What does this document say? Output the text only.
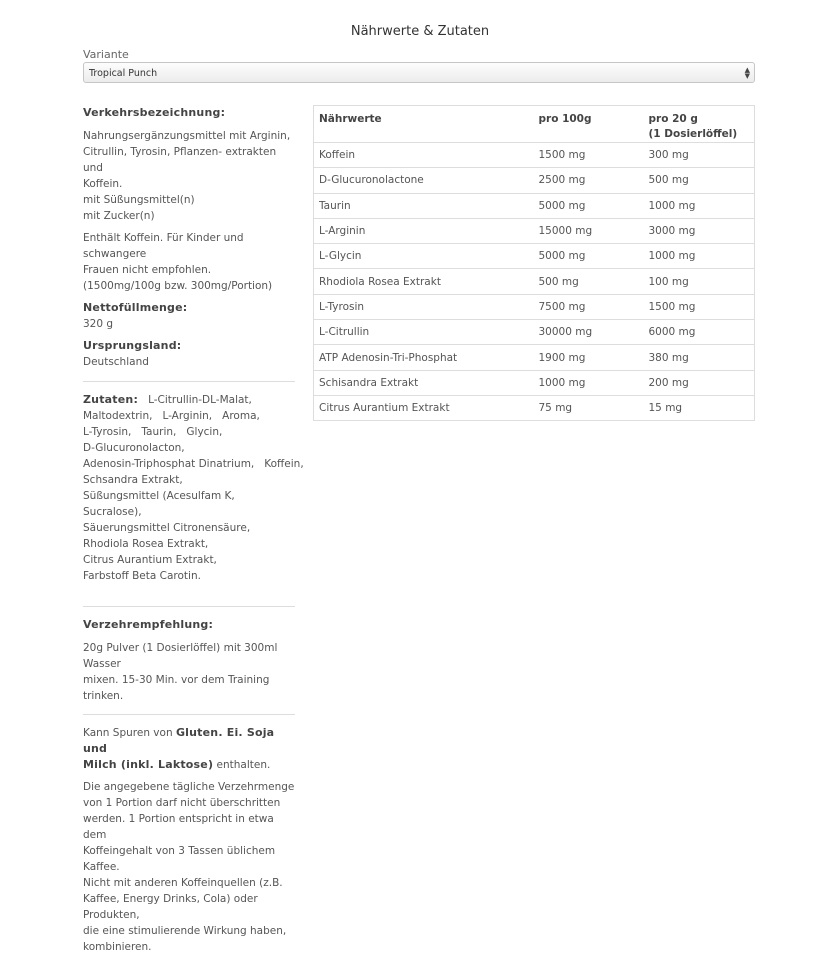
Nährwerte & Zutaten
Variante
Tropical Punch	▲
▼
Verkehrsbezeichnung:
Nahrungsergänzungsmittel mit Arginin,
Citrullin, Tyrosin, Pflanzen- extrakten und
Koffein.
mit Süßungsmittel(n)
mit Zucker(n)
Enthält Koffein. Für Kinder und schwangere
Frauen nicht empfohlen.
(1500mg/100g bzw. 300mg/Portion)
Nettofüllmenge:
320 g
Ursprungsland:
Deutschland
Zutaten: L-Citrullin-DL-Malat,
Maltodextrin,   L-Arginin,   Aroma,
L-Tyrosin,   Taurin,   Glycin,
D-Glucuronolacton,
Adenosin-Triphosphat Dinatrium,   Koffein,
Schsandra Extrakt,
Süßungsmittel (Acesulfam K, Sucralose),
Säuerungsmittel Citronensäure,
Rhodiola Rosea Extrakt,
Citrus Aurantium Extrakt,
Farbstoff Beta Carotin.
Verzehrempfehlung:
20g Pulver (1 Dosierlöffel) mit 300ml Wasser
mixen. 15-30 Min. vor dem Training trinken.
Kann Spuren von Gluten. Ei. Soja und
Milch (inkl. Laktose) enthalten.
Die angegebene tägliche Verzehrmenge
von 1 Portion darf nicht überschritten
werden. 1 Portion entspricht in etwa dem
Koffeingehalt von 3 Tassen üblichem Kaffee.
Nicht mit anderen Koffeinquellen (z.B.
Kaffee, Energy Drinks, Cola) oder Produkten,
die eine stimulierende Wirkung haben,
kombinieren.
Nährwerte	pro 100g	pro 20 g
(1 Dosierlöffel)
Koffein	1500 mg	300 mg
D-Glucuronolactone	2500 mg	500 mg
Taurin	5000 mg	1000 mg
L-Arginin	15000 mg	3000 mg
L-Glycin	5000 mg	1000 mg
Rhodiola Rosea Extrakt	500 mg	100 mg
L-Tyrosin	7500 mg	1500 mg
L-Citrullin	30000 mg	6000 mg
ATP Adenosin-Tri-Phosphat	1900 mg	380 mg
Schisandra Extrakt	1000 mg	200 mg
Citrus Aurantium Extrakt	75 mg	15 mg
